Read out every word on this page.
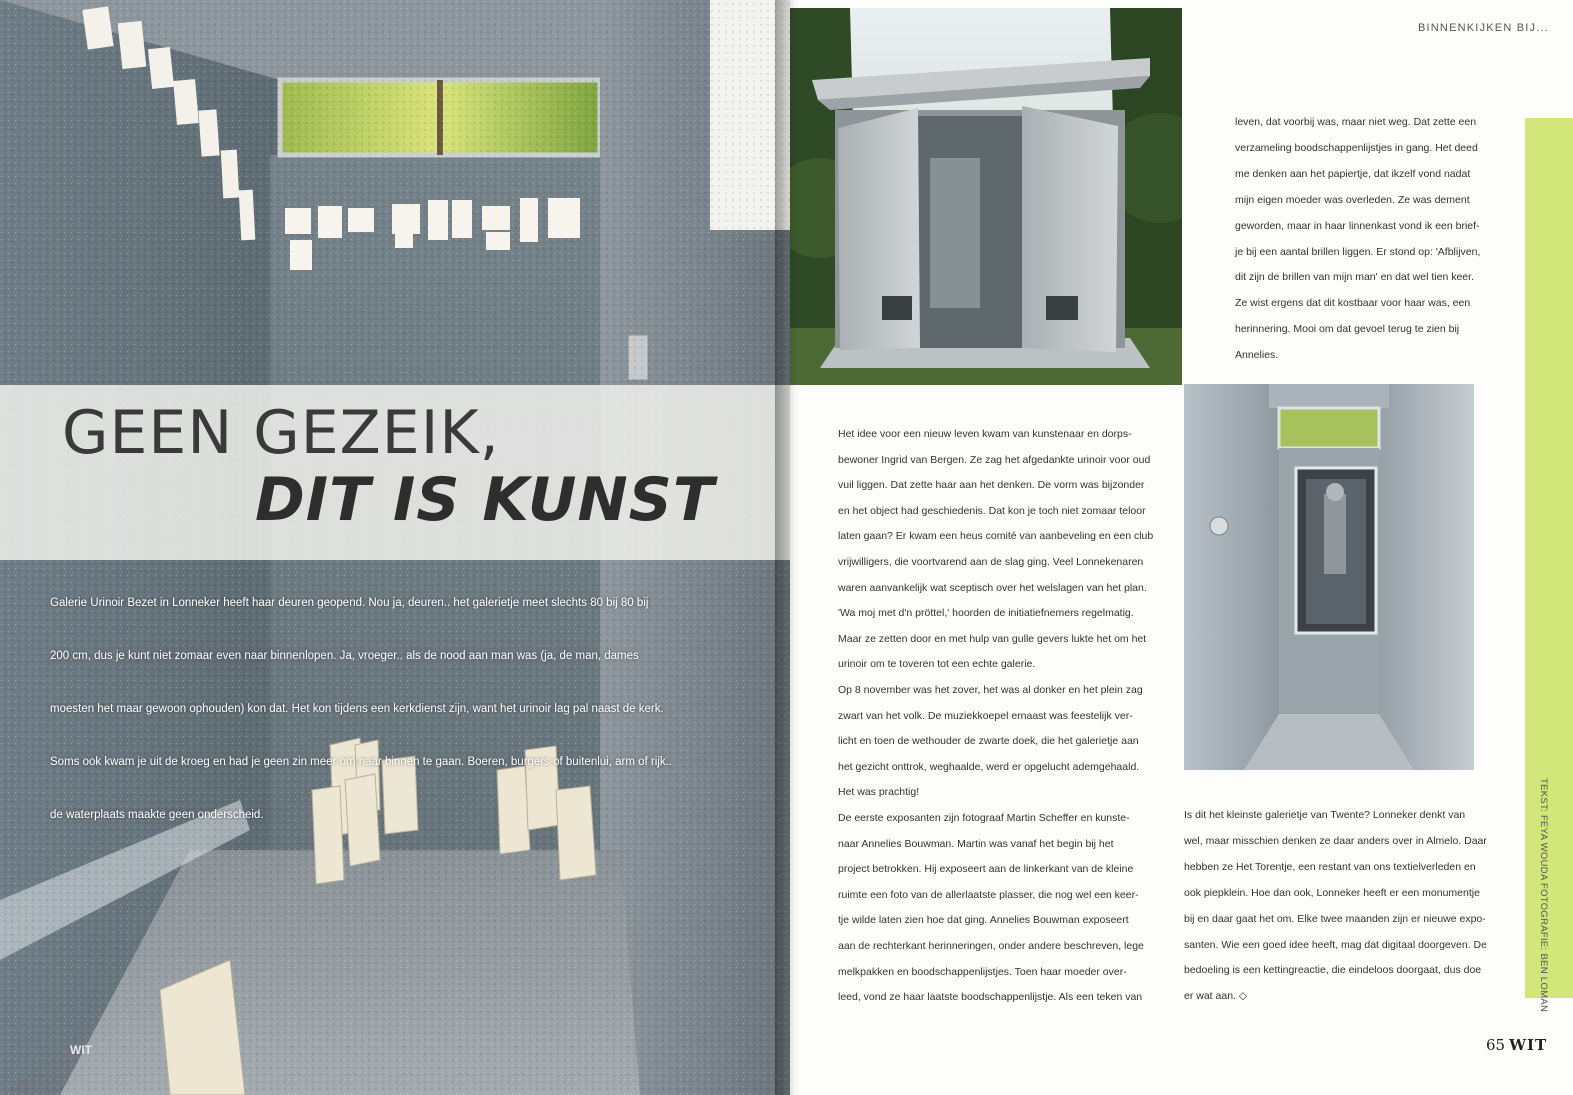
GEEN GEZEIK,
DIT IS KUNST
Galerie Urinoir Bezet in Lonneker heeft haar deuren geopend. Nou ja, deuren.. het galerietje meet slechts 80 bij 80 bij
200 cm, dus je kunt niet zomaar even naar binnenlopen. Ja, vroeger.. als de nood aan man was (ja, de man, dames
moesten het maar gewoon ophouden) kon dat. Het kon tijdens een kerkdienst zijn, want het urinoir lag pal naast de kerk.
Soms ook kwam je uit de kroeg en had je geen zin meer om naar binnen te gaan. Boeren, burgers of buitenlui, arm of rijk..
de waterplaats maakte geen onderscheid.
WIT
BINNENKIJKEN BIJ...
leven, dat voorbij was, maar niet weg. Dat zette een
verzameling boodschappenlijstjes in gang. Het deed
me denken aan het papiertje, dat ikzelf vond nadat
mijn eigen moeder was overleden. Ze was dement
geworden, maar in haar linnenkast vond ik een brief-
je bij een aantal brillen liggen. Er stond op: 'Afblijven,
dit zijn de brillen van mijn man' en dat wel tien keer.
Ze wist ergens dat dit kostbaar voor haar was, een
herinnering. Mooi om dat gevoel terug te zien bij
Annelies.
Het idee voor een nieuw leven kwam van kunstenaar en dorps-
bewoner Ingrid van Bergen. Ze zag het afgedankte urinoir voor oud
vuil liggen. Dat zette haar aan het denken. De vorm was bijzonder
en het object had geschiedenis. Dat kon je toch niet zomaar teloor
laten gaan? Er kwam een heus comité van aanbeveling en een club
vrijwilligers, die voortvarend aan de slag ging. Veel Lonnekenaren
waren aanvankelijk wat sceptisch over het welslagen van het plan.
'Wa moj met d'n pröttel,' hoorden de initiatiefnemers regelmatig.
Maar ze zetten door en met hulp van gulle gevers lukte het om het
urinoir om te toveren tot een echte galerie.
Op 8 november was het zover, het was al donker en het plein zag
zwart van het volk. De muziekkoepel ernaast was feestelijk ver-
licht en toen de wethouder de zwarte doek, die het galerietje aan
het gezicht onttrok, weghaalde, werd er opgelucht ademgehaald.
Het was prachtig!
De eerste exposanten zijn fotograaf Martin Scheffer en kunste-
naar Annelies Bouwman. Martin was vanaf het begin bij het
project betrokken. Hij exposeert aan de linkerkant van de kleine
ruimte een foto van de allerlaatste plasser, die nog wel een keer-
tje wilde laten zien hoe dat ging. Annelies Bouwman exposeert
aan de rechterkant herinneringen, onder andere beschreven, lege
melkpakken en boodschappenlijstjes. Toen haar moeder over-
leed, vond ze haar laatste boodschappenlijstje. Als een teken van
Is dit het kleinste galerietje van Twente? Lonneker denkt van
wel, maar misschien denken ze daar anders over in Almelo. Daar
hebben ze Het Torentje, een restant van ons textielverleden en
ook piepklein. Hoe dan ook, Lonneker heeft er een monumentje
bij en daar gaat het om. Elke twee maanden zijn er nieuwe expo-
santen. Wie een goed idee heeft, mag dat digitaal doorgeven. De
bedoeling is een kettingreactie, die eindeloos doorgaat, dus doe
er wat aan. ◇	TEKST: FEYA WOUDA FOTOGRAFIE: BEN LOMAN
65 WIT
